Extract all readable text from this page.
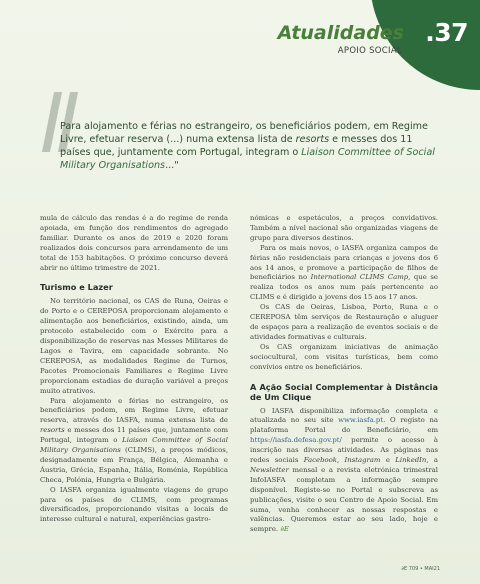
.37
Atualidades
APOIO SOCIAL
Para alojamento e férias no estrangeiro, os beneficiários podem, em Regime Livre, efetuar reserva (...) numa extensa lista de resorts e messes dos 11 países que, juntamente com Portugal, integram o Liaison Committee of Social Military Organisations..."

mula de cálculo das rendas é a do regime de renda apoiada, em função dos rendimentos do agregado familiar. Durante os anos de 2019 e 2020 foram realizados dois concursos para arrendamento de um total de 153 habitações. O próximo concurso deverá abrir no último trimestre de 2021.

Turismo e Lazer

No território nacional, os CAS de Runa, Oeiras e do Porto e o CEREPOSA proporcionam alojamento e alimentação aos beneficiários, existindo, ainda, um protocolo estabelecido com o Exército para a disponibilização de reservas nas Messes Militares de Lagos e Tavira, em capacidade sobrante. No CEREPOSA, as modalidades Regime de Turnos, Pacotes Promocionais Familiares e Regime Livre proporcionam estadias de duração variável a preços muito atrativos.

Para alojamento e férias no estrangeiro, os beneficiários podem, em Regime Livre, efetuar reserva, através do IASFA, numa extensa lista de resorts e messes dos 11 países que, juntamente com Portugal, integram o Liaison Committee of Social Military Organisations (CLIMS), a preços módicos, designadamente em França, Bélgica, Alemanha e Áustria, Grécia, Espanha, Itália, Roménia, República Checa, Polónia, Hungria e Bulgária.

O IASFA organiza igualmente viagens de grupo para os países do CLIMS, com programas diversificados, proporcionando visitas a locais de interesse cultural e natural, experiências gastro-

nómicas e espetáculos, a preços convidativos. Também a nível nacional são organizadas viagens de grupo para diversos destinos.

Para os mais novos, o IASFA organiza campos de férias não residenciais para crianças e jovens dos 6 aos 14 anos, e promove a participação de filhos de beneficiários no International CLIMS Camp, que se realiza todos os anos num país pertencente ao CLIMS e é dirigido a jovens dos 15 aos 17 anos.

Os CAS de Oeiras, Lisboa, Porto, Runa e o CEREPOSA têm serviços de Restauração e aluguer de espaços para a realização de eventos sociais e de atividades formativas e culturais.

Os CAS organizam iniciativas de animação sociocultural, com visitas turísticas, bem como convívios entre os beneficiários.

A Ação Social Complementar à Distância de Um Clique

O IASFA disponibiliza informação completa e atualizada no seu site www.iasfa.pt. O registo na plataforma Portal do Beneficiário, em https://iasfa.defesa.gov.pt/ permite o acesso à inscrição nas diversas atividades. As páginas nas redes sociais Facebook, Instagram e LinkedIn, a Newsletter mensal e a revista eletrónica trimestral InfoIASFA completam a informação sempre disponível. Registe-se no Portal e subscreva as publicações, visite o seu Centro de Apoio Social. Em suma, venha conhecer as nossas respostas e valências. Queremos estar ao seu lado, hoje e sempre. ∂E

∂E 709 • MAI21
